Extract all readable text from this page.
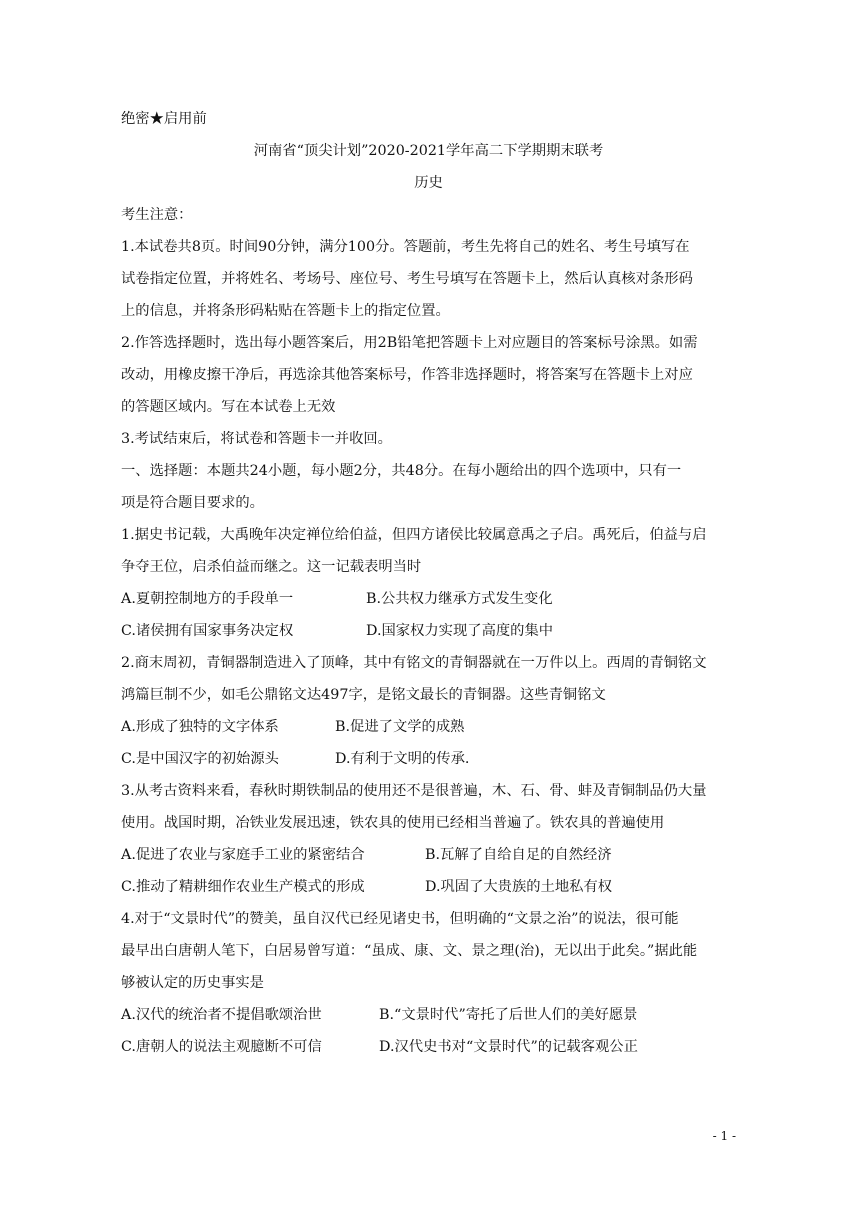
绝密★启用前
河南省“顶尖计划”2020-2021学年高二下学期期末联考
历史
考生注意：
1.本试卷共8页。时间90分钟，满分100分。答题前，考生先将自己的姓名、考生号填写在
试卷指定位置，并将姓名、考场号、座位号、考生号填写在答题卡上，然后认真核对条形码
上的信息，并将条形码粘贴在答题卡上的指定位置。
2.作答选择题时，选出每小题答案后，用2B铅笔把答题卡上对应题目的答案标号涂黑。如需
改动，用橡皮擦干净后，再选涂其他答案标号，作答非选择题时，将答案写在答题卡上对应
的答题区域内。写在本试卷上无效
3.考试结束后，将试卷和答题卡一并收回。
一、选择题：本题共24小题，每小题2分，共48分。在每小题给出的四个选项中，只有一
项是符合题目要求的。
1.据史书记载，大禹晚年决定禅位给伯益，但四方诸侯比较属意禹之子启。禹死后，伯益与启
争夺王位，启杀伯益而继之。这一记载表明当时
A.夏朝控制地方的手段单一	B.公共权力继承方式发生变化
C.诸侯拥有国家事务决定权	D.国家权力实现了高度的集中
2.商末周初，青铜器制造进入了顶峰，其中有铭文的青铜器就在一万件以上。西周的青铜铭文
鸿篇巨制不少，如毛公鼎铭文达497字，是铭文最长的青铜器。这些青铜铭文
A.形成了独特的文字体系	B.促进了文学的成熟
C.是中国汉字的初始源头	D.有利于文明的传承.
3.从考古资料来看，春秋时期铁制品的使用还不是很普遍，木、石、骨、蚌及青铜制品仍大量
使用。战国时期，冶铁业发展迅速，铁农具的使用已经相当普遍了。铁农具的普遍使用
A.促进了农业与家庭手工业的紧密结合	B.瓦解了自给自足的自然经济
C.推动了精耕细作农业生产模式的形成	D.巩固了大贵族的土地私有权
4.对于“文景时代”的赞美，虽自汉代已经见诸史书，但明确的“文景之治”的说法，很可能
最早出白唐朝人笔下，白居易曾写道：“虽成、康、文、景之理(治)，无以出于此矣。”据此能
够被认定的历史事实是
A.汉代的统治者不提倡歌颂治世	B.“文景时代”寄托了后世人们的美好愿景
C.唐朝人的说法主观臆断不可信	D.汉代史书对“文景时代”的记载客观公正
- 1 -
